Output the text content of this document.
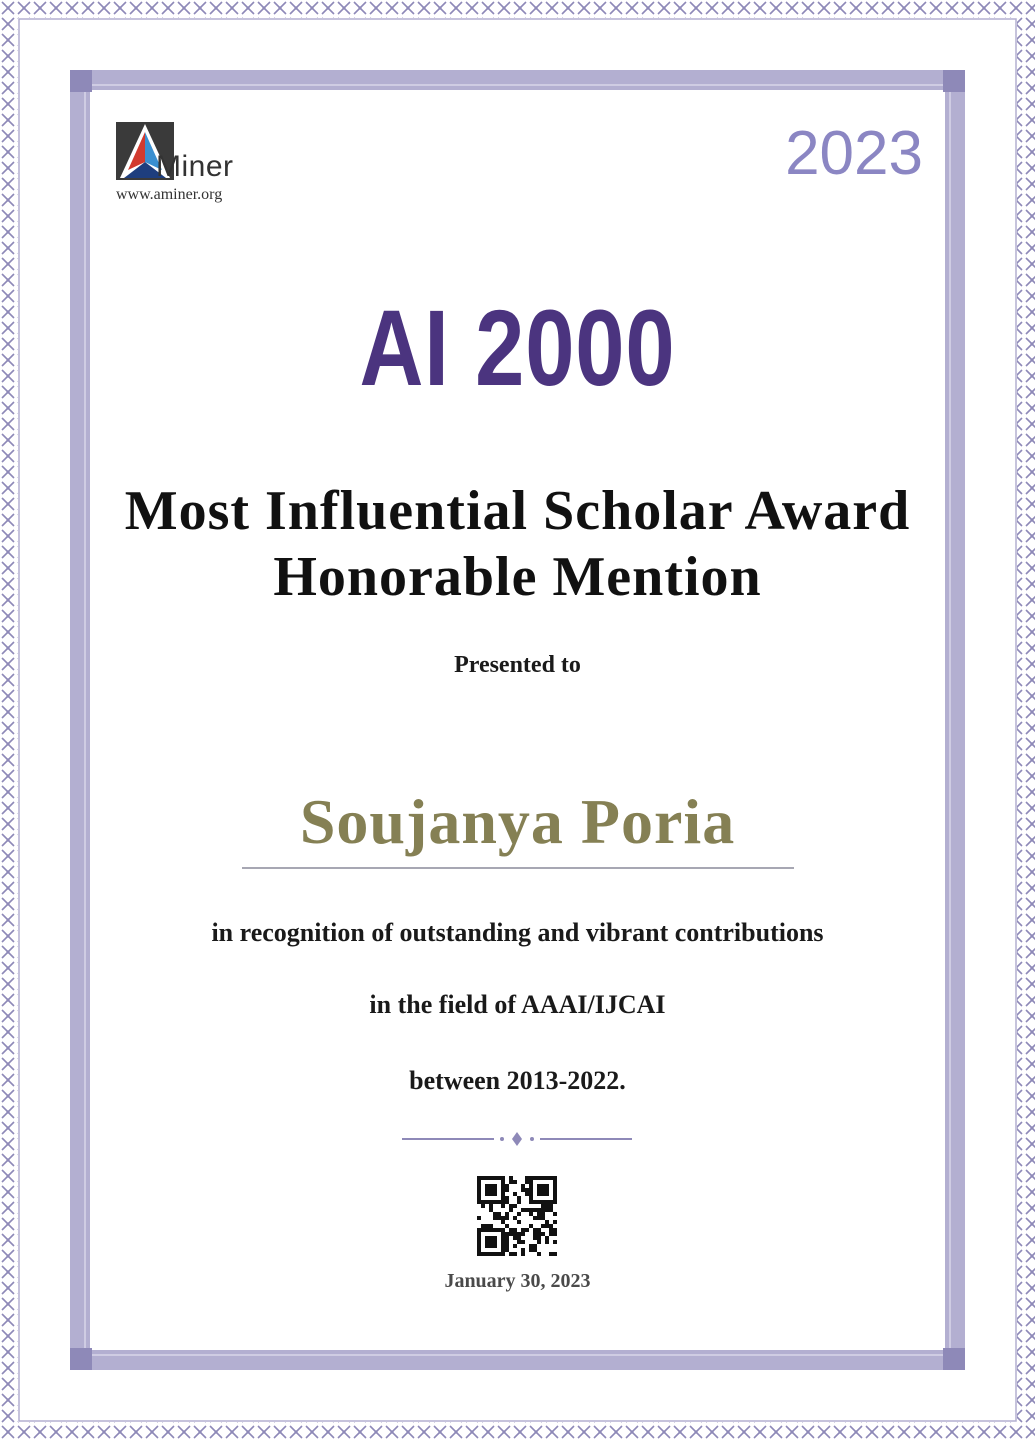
Miner
www.aminer.org
2023
AI 2000
Most Influential Scholar Award
Honorable Mention
Presented to
Soujanya Poria
in recognition of outstanding and vibrant contributions
in the field of AAAI/IJCAI
between 2013-2022.
January 30, 2023
